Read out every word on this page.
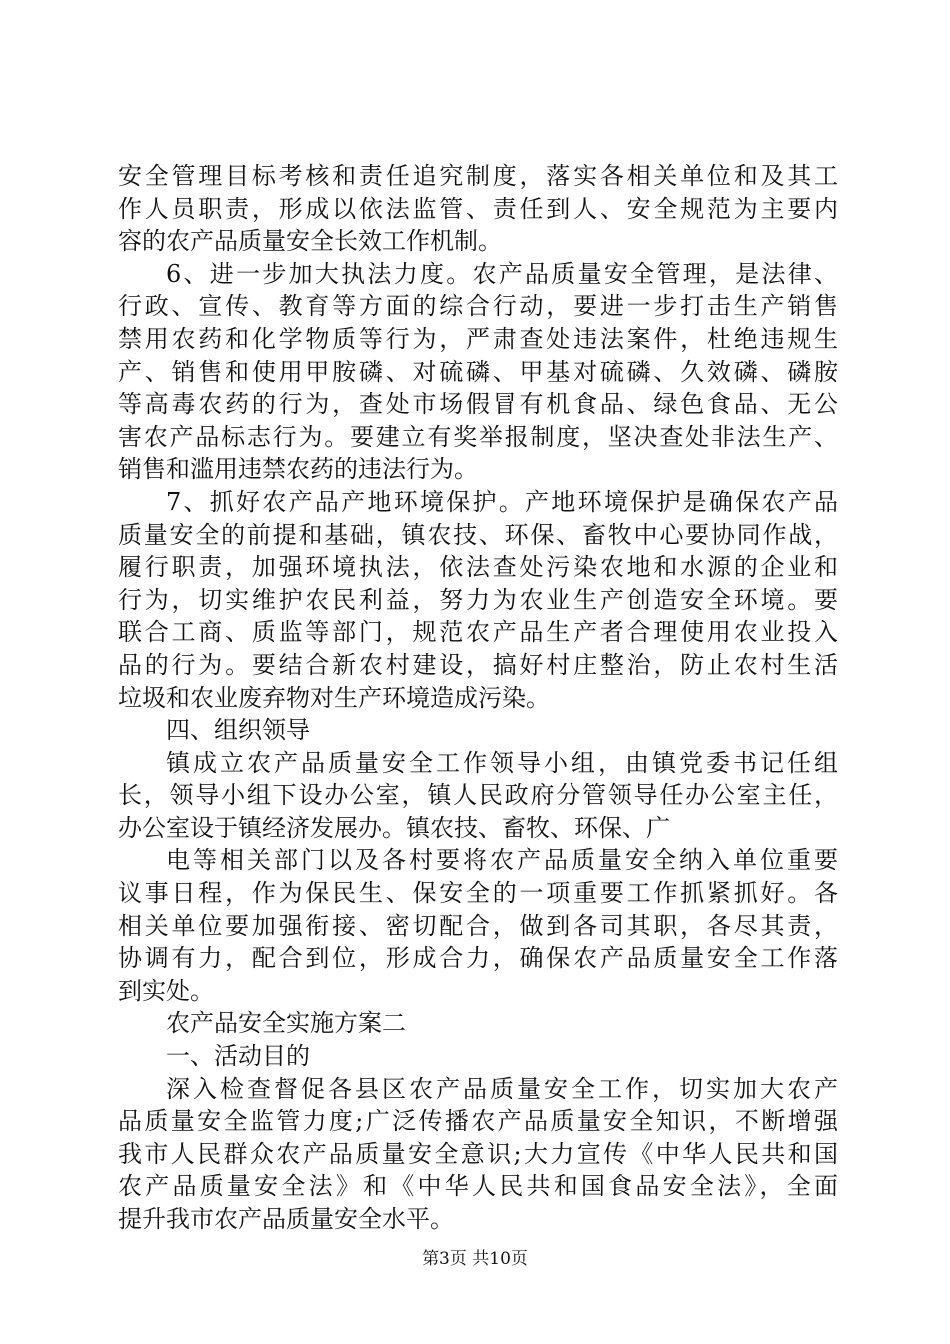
安全管理目标考核和责任追究制度，落实各相关单位和及其工
作人员职责，形成以依法监管、责任到人、安全规范为主要内
容的农产品质量安全长效工作机制。
6、进一步加大执法力度。农产品质量安全管理，是法律、
行政、宣传、教育等方面的综合行动，要进一步打击生产销售
禁用农药和化学物质等行为，严肃查处违法案件，杜绝违规生
产、销售和使用甲胺磷、对硫磷、甲基对硫磷、久效磷、磷胺
等高毒农药的行为，查处市场假冒有机食品、绿色食品、无公
害农产品标志行为。要建立有奖举报制度，坚决查处非法生产、
销售和滥用违禁农药的违法行为。
7、抓好农产品产地环境保护。产地环境保护是确保农产品
质量安全的前提和基础，镇农技、环保、畜牧中心要协同作战，
履行职责，加强环境执法，依法查处污染农地和水源的企业和
行为，切实维护农民利益，努力为农业生产创造安全环境。要
联合工商、质监等部门，规范农产品生产者合理使用农业投入
品的行为。要结合新农村建设，搞好村庄整治，防止农村生活
垃圾和农业废弃物对生产环境造成污染。
四、组织领导
镇成立农产品质量安全工作领导小组，由镇党委书记任组
长，领导小组下设办公室，镇人民政府分管领导任办公室主任，
办公室设于镇经济发展办。镇农技、畜牧、环保、广
电等相关部门以及各村要将农产品质量安全纳入单位重要
议事日程，作为保民生、保安全的一项重要工作抓紧抓好。各
相关单位要加强衔接、密切配合，做到各司其职，各尽其责，
协调有力，配合到位，形成合力，确保农产品质量安全工作落
到实处。
农产品安全实施方案二
一、活动目的
深入检查督促各县区农产品质量安全工作，切实加大农产
品质量安全监管力度;广泛传播农产品质量安全知识，不断增强
我市人民群众农产品质量安全意识;大力宣传《中华人民共和国
农产品质量安全法》和《中华人民共和国食品安全法》，全面
提升我市农产品质量安全水平。
第3页 共10页
